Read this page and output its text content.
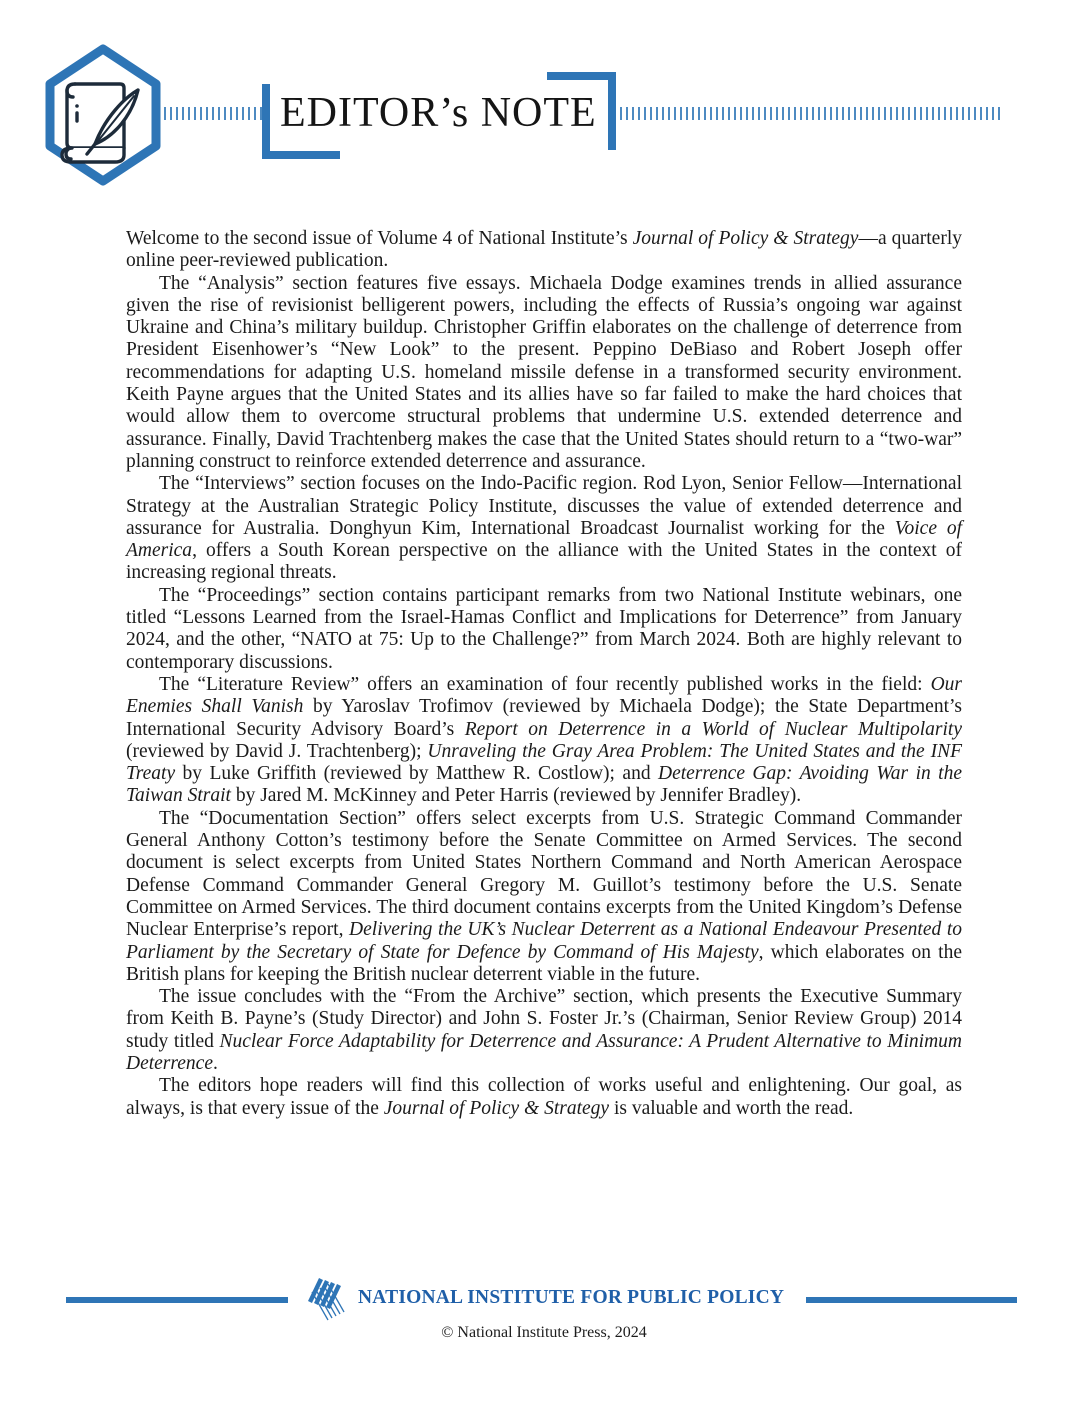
EDITOR’s NOTE

Welcome to the second issue of Volume 4 of National Institute’s Journal of Policy & Strategy—a quarterly online peer-reviewed publication.

The “Analysis” section features five essays. Michaela Dodge examines trends in allied assurance given the rise of revisionist belligerent powers, including the effects of Russia’s ongoing war against Ukraine and China’s military buildup. Christopher Griffin elaborates on the challenge of deterrence from President Eisenhower’s “New Look” to the present. Peppino DeBiaso and Robert Joseph offer recommendations for adapting U.S. homeland missile defense in a transformed security environment. Keith Payne argues that the United States and its allies have so far failed to make the hard choices that would allow them to overcome structural problems that undermine U.S. extended deterrence and assurance. Finally, David Trachtenberg makes the case that the United States should return to a “two-war” planning construct to reinforce extended deterrence and assurance.

The “Interviews” section focuses on the Indo-Pacific region. Rod Lyon, Senior Fellow—International Strategy at the Australian Strategic Policy Institute, discusses the value of extended deterrence and assurance for Australia. Donghyun Kim, International Broadcast Journalist working for the Voice of America, offers a South Korean perspective on the alliance with the United States in the context of increasing regional threats.

The “Proceedings” section contains participant remarks from two National Institute webinars, one titled “Lessons Learned from the Israel-Hamas Conflict and Implications for Deterrence” from January 2024, and the other, “NATO at 75: Up to the Challenge?” from March 2024. Both are highly relevant to contemporary discussions.

The “Literature Review” offers an examination of four recently published works in the field: Our Enemies Shall Vanish by Yaroslav Trofimov (reviewed by Michaela Dodge); the State Department’s International Security Advisory Board’s Report on Deterrence in a World of Nuclear Multipolarity (reviewed by David J. Trachtenberg); Unraveling the Gray Area Problem: The United States and the INF Treaty by Luke Griffith (reviewed by Matthew R. Costlow); and Deterrence Gap: Avoiding War in the Taiwan Strait by Jared M. McKinney and Peter Harris (reviewed by Jennifer Bradley).

The “Documentation Section” offers select excerpts from U.S. Strategic Command Commander General Anthony Cotton’s testimony before the Senate Committee on Armed Services. The second document is select excerpts from United States Northern Command and North American Aerospace Defense Command Commander General Gregory M. Guillot’s testimony before the U.S. Senate Committee on Armed Services. The third document contains excerpts from the United Kingdom’s Defense Nuclear Enterprise’s report, Delivering the UK’s Nuclear Deterrent as a National Endeavour Presented to Parliament by the Secretary of State for Defence by Command of His Majesty, which elaborates on the British plans for keeping the British nuclear deterrent viable in the future.

The issue concludes with the “From the Archive” section, which presents the Executive Summary from Keith B. Payne’s (Study Director) and John S. Foster Jr.’s (Chairman, Senior Review Group) 2014 study titled Nuclear Force Adaptability for Deterrence and Assurance: A Prudent Alternative to Minimum Deterrence.

The editors hope readers will find this collection of works useful and enlightening. Our goal, as always, is that every issue of the Journal of Policy & Strategy is valuable and worth the read.

NATIONAL INSTITUTE FOR PUBLIC POLICY
© National Institute Press, 2024
